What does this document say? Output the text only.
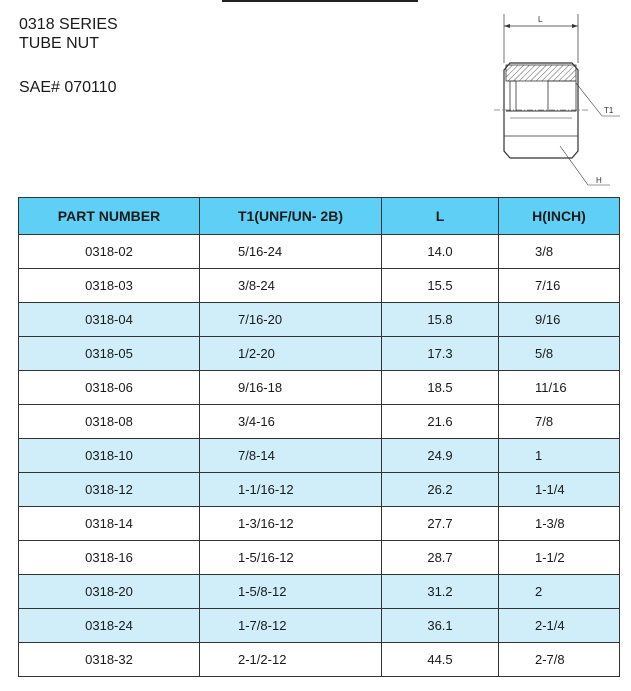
0318 SERIES
TUBE NUT
SAE# 070110
L
T1
H
PART NUMBER	T1(UNF/UN- 2B)	L	H(INCH)
0318-02	5/16-24	14.0	3/8
0318-03	3/8-24	15.5	7/16
0318-04	7/16-20	15.8	9/16
0318-05	1/2-20	17.3	5/8
0318-06	9/16-18	18.5	11/16
0318-08	3/4-16	21.6	7/8
0318-10	7/8-14	24.9	1
0318-12	1-1/16-12	26.2	1-1/4
0318-14	1-3/16-12	27.7	1-3/8
0318-16	1-5/16-12	28.7	1-1/2
0318-20	1-5/8-12	31.2	2
0318-24	1-7/8-12	36.1	2-1/4
0318-32	2-1/2-12	44.5	2-7/8
